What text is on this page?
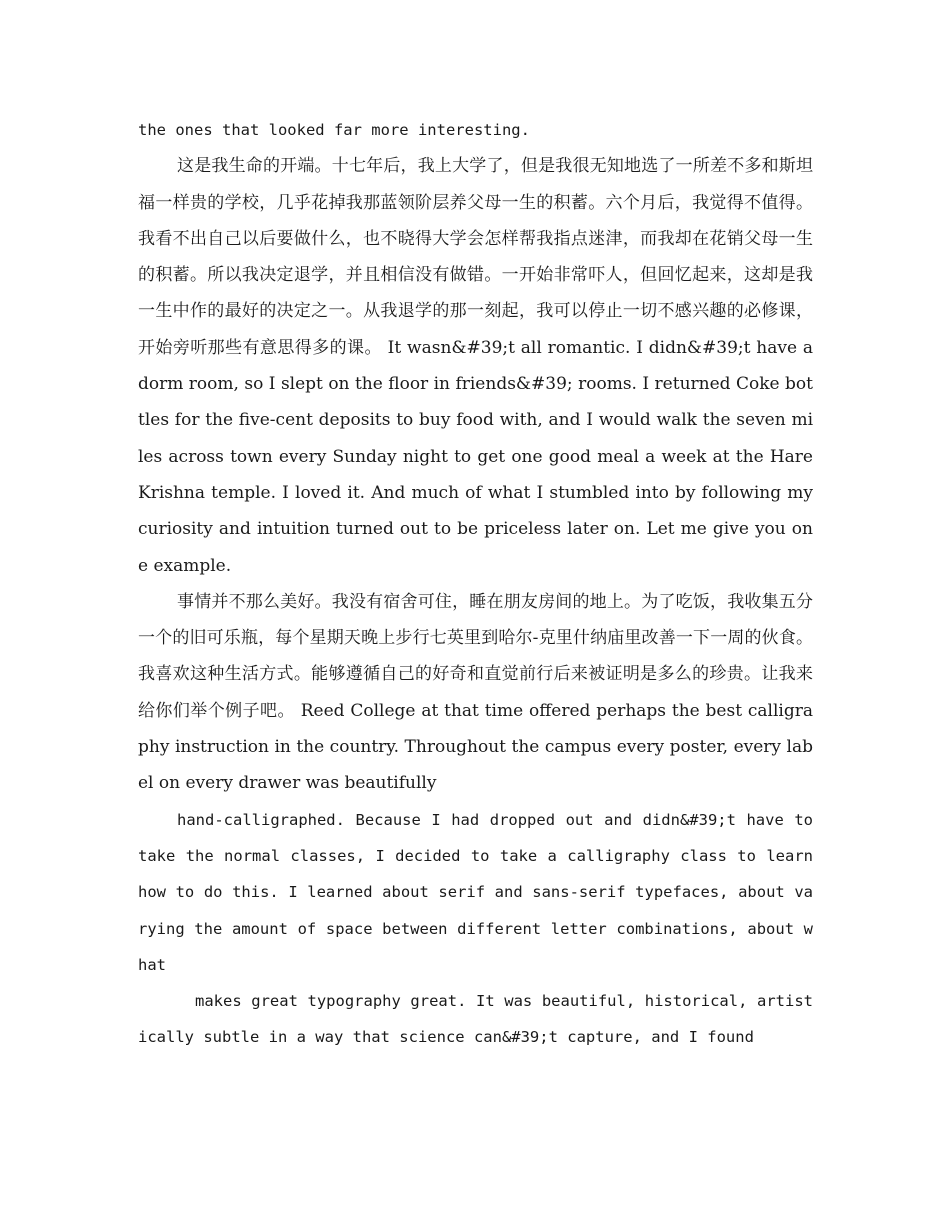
the ones that looked far more interesting.

这是我生命的开端。十七年后，我上大学了，但是我很无知地选了一所差不多和斯坦福一样贵的学校，几乎花掉我那蓝领阶层养父母一生的积蓄。六个月后，我觉得不值得。我看不出自己以后要做什么，也不晓得大学会怎样帮我指点迷津，而我却在花销父母一生的积蓄。所以我决定退学，并且相信没有做错。一开始非常吓人，但回忆起来，这却是我一生中作的最好的决定之一。从我退学的那一刻起，我可以停止一切不感兴趣的必修课，开始旁听那些有意思得多的课。 It wasn&#39;t all romantic. I didn&#39;t have a dorm room, so I slept on the floor in friends&#39; rooms. I returned Coke bottles for the five-cent deposits to buy food with, and I would walk the seven miles across town every Sunday night to get one good meal a week at the Hare Krishna temple. I loved it. And much of what I stumbled into by following my curiosity and intuition turned out to be priceless later on. Let me give you one example.

事情并不那么美好。我没有宿舍可住，睡在朋友房间的地上。为了吃饭，我收集五分一个的旧可乐瓶，每个星期天晚上步行七英里到哈尔-克里什纳庙里改善一下一周的伙食。我喜欢这种生活方式。能够遵循自己的好奇和直觉前行后来被证明是多么的珍贵。让我来给你们举个例子吧。 Reed College at that time offered perhaps the best calligraphy instruction in the country. Throughout the campus every poster, every label on every drawer was beautifully

hand-calligraphed. Because I had dropped out and didn&#39;t have to take the normal classes, I decided to take a calligraphy class to learn how to do this. I learned about serif and sans-serif typefaces, about varying the amount of space between different letter combinations, about what

makes great typography great. It was beautiful, historical, artistically subtle in a way that science can&#39;t capture, and I found
